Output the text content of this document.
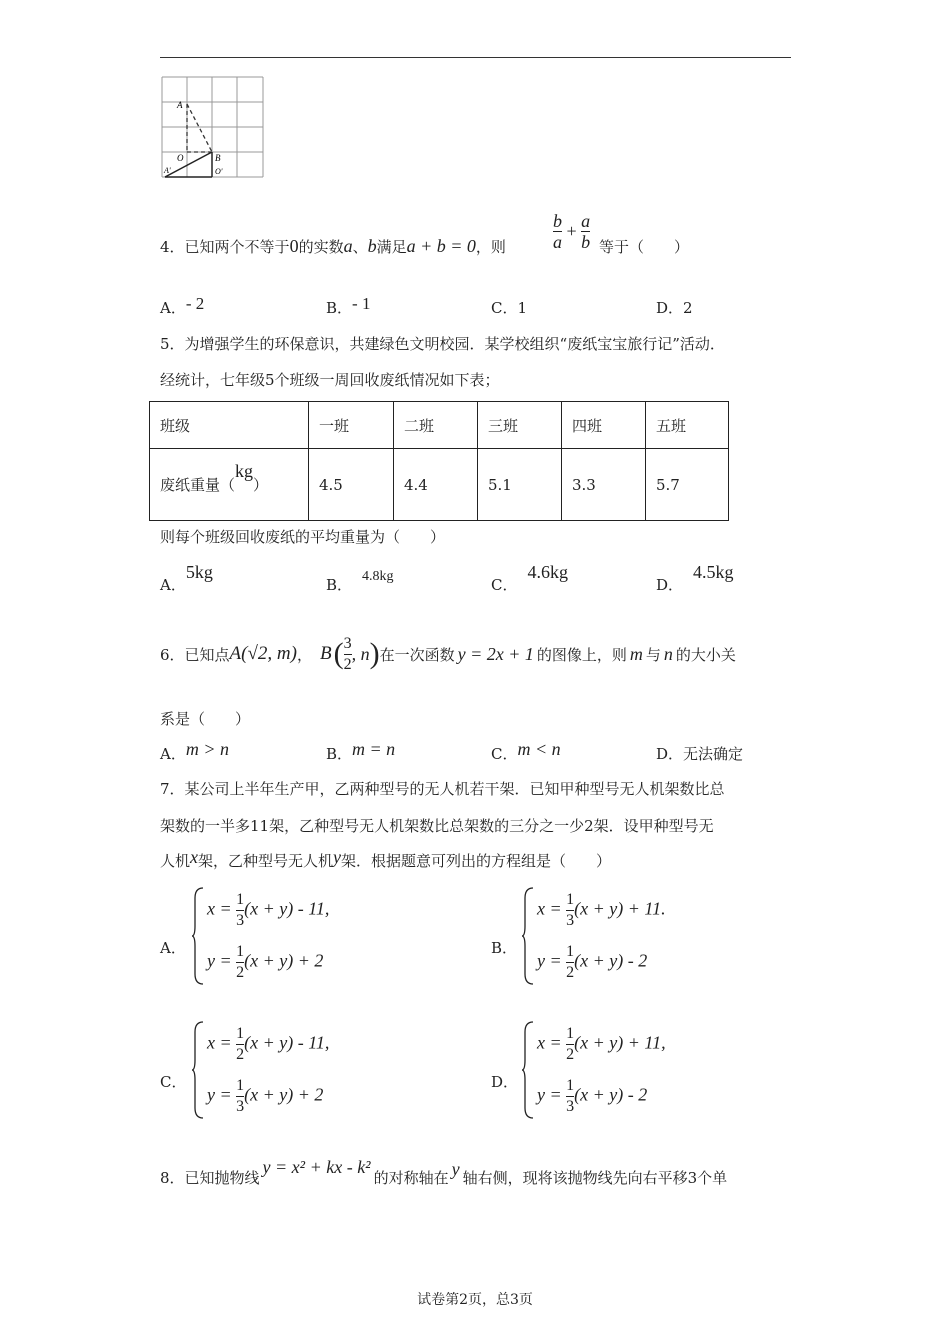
A
O	B
A'	O'
4．已知两个不等于0的实数a、b满足a + b = 0，则	$\frac{b}{a} + \frac{a}{b}$ 等于（　　）
A．- 2	B．- 1	C．1	D．2
5．为增强学生的环保意识，共建绿色文明校园．某学校组织“废纸宝宝旅行记”活动．
经统计，七年级5个班级一周回收废纸情况如下表；
班级	一班	二班	三班	四班	五班
废纸重量（kg）	4.5	4.4	5.1	3.3	5.7
则每个班级回收废纸的平均重量为（　　）
A．5kg
B． 4.8kg	C．4.6kg
D．4.5kg
6．已知点 A(√2, m) ， B ( $\frac{3}{2}$ , n ) 在一次函数 y = 2x + 1 的图像上，则 m 与 n 的大小关
系是（　　）
A．m > n	B．m = n	C．m < n	D．无法确定
7．某公司上半年生产甲，乙两种型号的无人机若干架．已知甲种型号无人机架数比总
架数的一半多11架，乙种型号无人机架数比总架数的三分之一少2架．设甲种型号无
人机x架，乙种型号无人机y架．根据题意可列出的方程组是（　　）
A．
$x = \frac{1}{3} (x + y) - 11$,
$y = \frac{1}{2} (x + y) + 2$
B．
$x = \frac{1}{3} (x + y) + 11$.
$y = \frac{1}{2} (x + y) - 2$
C．
$x = \frac{1}{2} (x + y) - 11$,
$y = \frac{1}{3} (x + y) + 2$
D．
$x = \frac{1}{2} (x + y) + 11$,
$y = \frac{1}{3} (x + y) - 2$
8．已知抛物线y = x² + kx - k²的对称轴在 y 轴右侧，现将该抛物线先向右平移3个单
试卷第2页，总3页
